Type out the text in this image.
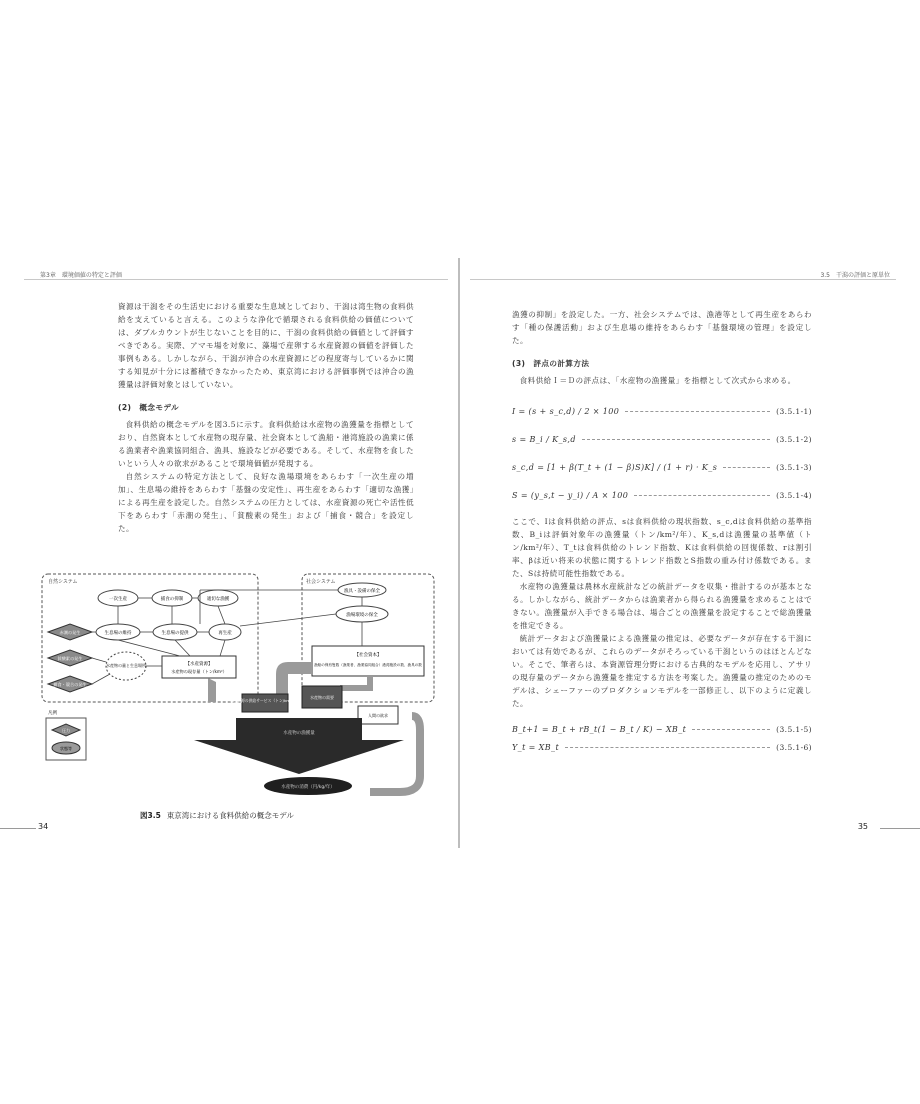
第3章　環境価値の特定と評価

資源は干潟をその生活史における重要な生息域としており、干潟は湾生物の食料供給を支えていると言える。このような浄化で循環される食料供給の価値については、ダブルカウントが生じないことを目的に、干潟の食料供給の価値として評価すべきである。実際、アマモ場を対象に、藻場で産卵する水産資源の価値を評価した事例もある。しかしながら、干潟が沖合の水産資源にどの程度寄与しているかに関する知見が十分には蓄積できなかったため、東京湾における評価事例では沖合の漁獲量は評価対象とはしていない。

(2)　概念モデル

食料供給の概念モデルを図3.5に示す。食料供給は水産物の漁獲量を指標としており、自然資本として水産物の現存量、社会資本として漁船・港湾施設の漁業に係る漁業者や漁業協同組合、漁具、施設などが必要である。そして、水産物を食したいという人々の欲求があることで環境価値が発現する。

自然システムの特定方法として、良好な漁場環境をあらわす「一次生産の増加」、生息場の維持をあらわす「基盤の安定性」、再生産をあらわす「適切な漁獲」による再生産を設定した。自然システムの圧力としては、水産資源の死亡や活性低下をあらわす「赤潮の発生」、「貧酸素の発生」および「捕食・競合」を設定した。

自然システム	社会システム
一次生産	捕食の抑制	適切な漁獲
生息場の維持	生息場の提供	再生産
漁具・設備の保全
漁場環境の保全
赤潮の発生
貧酸素の発生
捕食・競合の発生
水産物の量と生息場所	【水産資源】
水産物の現存量（トン/km²）
【社会資本】
漁船の保有隻数（漁業者、漁業協同組合）港湾施設の数、漁具の数
水産資源の供給サービス（トン/km²/年）
水産物の需要
人間の欲求
水産物の漁獲量
水産物の消費（円/kg/年）
凡例
圧力
状態等
図3.5 東京湾における食料供給の概念モデル
34
3.5　干潟の評価と原単位

漁獲の抑制」を設定した。一方、社会システムでは、漁港等として再生産をあらわす「種の保護活動」および生息場の維持をあらわす「基盤環境の管理」を設定した。

(3)　評点の計算方法

食料供給Ｉ＝Ｄの評点は、「水産物の漁獲量」を指標として次式から求める。

I = (s + s_c,d) / 2 × 100	(3.5.1-1)
s = B_i / K_s,d	(3.5.1-2)
s_c,d = [1 + β(T_t + (1 − β)S)K] / (1 + r) · K_s	(3.5.1-3)
S = (y_s,t − y_i) / A × 100	(3.5.1-4)

ここで、Iは食料供給の評点、sは食料供給の現状指数、s_c,dは食料供給の基準指数、B_iは評価対象年の漁獲量（トン/km²/年）、K_s,dは漁獲量の基準値（トン/km²/年）、T_tは食料供給のトレンド指数、Kは食料供給の回復係数、rは割引率、βは近い将来の状態に関するトレンド指数とS指数の重み付け係数である。また、Sは持続可能性指数である。

水産物の漁獲量は農林水産統計などの統計データを収集・推計するのが基本となる。しかしながら、統計データからは漁業者から得られる漁獲量を求めることはできない。漁獲量が入手できる場合は、場合ごとの漁獲量を設定することで総漁獲量を推定できる。

統計データおよび漁獲量による漁獲量の推定は、必要なデータが存在する干潟においては有効であるが、これらのデータがそろっている干潟というのはほとんどない。そこで、筆者らは、本資源管理分野における古典的なモデルを応用し、アサリの現存量のデータから漁獲量を推定する方法を考案した。漁獲量の推定のためのモデルは、シェーファーのプロダクションモデルを一部修正し、以下のように定義した。

B_t+1 = B_t + rB_t(1 − B_t / K) − XB_t	(3.5.1-5)
Y_t = XB_t	(3.5.1-6)
35
